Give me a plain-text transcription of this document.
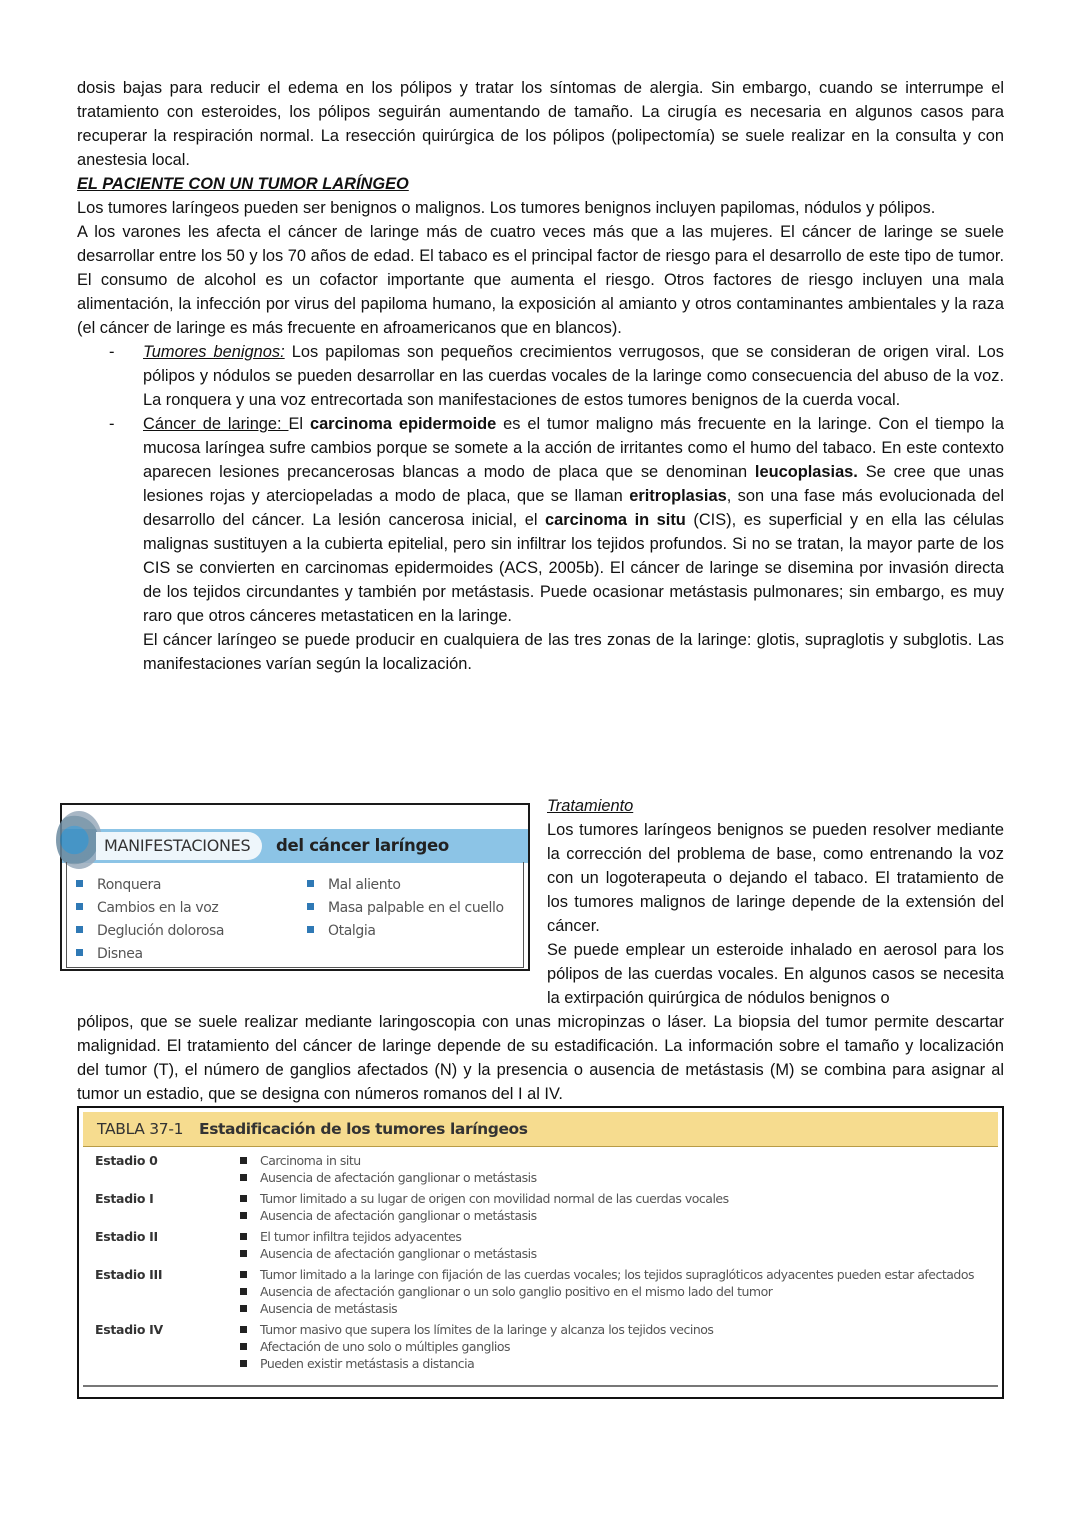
dosis bajas para reducir el edema en los pólipos y tratar los síntomas de alergia. Sin embargo, cuando se interrumpe el tratamiento con esteroides, los pólipos seguirán aumentando de tamaño. La cirugía es necesaria en algunos casos para recuperar la respiración normal. La resección quirúrgica de los pólipos (polipectomía) se suele realizar en la consulta y con anestesia local.

EL PACIENTE CON UN TUMOR LARÍNGEO

Los tumores laríngeos pueden ser benignos o malignos. Los tumores benignos incluyen papilomas, nódulos y pólipos.

A los varones les afecta el cáncer de laringe más de cuatro veces más que a las mujeres. El cáncer de laringe se suele desarrollar entre los 50 y los 70 años de edad. El tabaco es el principal factor de riesgo para el desarrollo de este tipo de tumor. El consumo de alcohol es un cofactor importante que aumenta el riesgo. Otros factores de riesgo incluyen una mala alimentación, la infección por virus del papiloma humano, la exposición al amianto y otros contaminantes ambientales y la raza (el cáncer de laringe es más frecuente en afroamericanos que en blancos).

- Tumores benignos: Los papilomas son pequeños crecimientos verrugosos, que se consideran de origen viral. Los pólipos y nódulos se pueden desarrollar en las cuerdas vocales de la laringe como consecuencia del abuso de la voz. La ronquera y una voz entrecortada son manifestaciones de estos tumores benignos de la cuerda vocal.
- Cáncer de laringe: El carcinoma epidermoide es el tumor maligno más frecuente en la laringe. Con el tiempo la mucosa laríngea sufre cambios porque se somete a la acción de irritantes como el humo del tabaco. En este contexto aparecen lesiones precancerosas blancas a modo de placa que se denominan leucoplasias. Se cree que unas lesiones rojas y aterciopeladas a modo de placa, que se llaman eritroplasias, son una fase más evolucionada del desarrollo del cáncer. La lesión cancerosa inicial, el carcinoma in situ (CIS), es superficial y en ella las células malignas sustituyen a la cubierta epitelial, pero sin infiltrar los tejidos profundos. Si no se tratan, la mayor parte de los CIS se convierten en carcinomas epidermoides (ACS, 2005b). El cáncer de laringe se disemina por invasión directa de los tejidos circundantes y también por metástasis. Puede ocasionar metástasis pulmonares; sin embargo, es muy raro que otros cánceres metastaticen en la laringe.

El cáncer laríngeo se puede producir en cualquiera de las tres zonas de la laringe: glotis, supraglotis y subglotis. Las manifestaciones varían según la localización.

MANIFESTACIONES	del cáncer laríngeo
Ronquera
Cambios en la voz
Deglución dolorosa
Disnea
Mal aliento
Masa palpable en el cuello
Otalgia
Tratamiento

Los tumores laríngeos benignos se pueden resolver mediante la corrección del problema de base, como entrenando la voz con un logoterapeuta o dejando el tabaco. El tratamiento de los tumores malignos de laringe depende de la extensión del cáncer.

Se puede emplear un esteroide inhalado en aerosol para los pólipos de las cuerdas vocales. En algunos casos se necesita la extirpación quirúrgica de nódulos benignos o

pólipos, que se suele realizar mediante laringoscopia con unas micropinzas o láser. La biopsia del tumor permite descartar malignidad. El tratamiento del cáncer de laringe depende de su estadificación. La información sobre el tamaño y localización del tumor (T), el número de ganglios afectados (N) y la presencia o ausencia de metástasis (M) se combina para asignar al tumor un estadio, que se designa con números romanos del I al IV.

TABLA 37-1 Estadificación de los tumores laríngeos
Estadio 0	Carcinoma in situ
Ausencia de afectación ganglionar o metástasis
Estadio I	Tumor limitado a su lugar de origen con movilidad normal de las cuerdas vocales
Ausencia de afectación ganglionar o metástasis
Estadio II	El tumor infiltra tejidos adyacentes
Ausencia de afectación ganglionar o metástasis
Estadio III	Tumor limitado a la laringe con fijación de las cuerdas vocales; los tejidos supraglóticos adyacentes pueden estar afectados
Ausencia de afectación ganglionar o un solo ganglio positivo en el mismo lado del tumor
Ausencia de metástasis
Estadio IV	Tumor masivo que supera los límites de la laringe y alcanza los tejidos vecinos
Afectación de uno solo o múltiples ganglios
Pueden existir metástasis a distancia
